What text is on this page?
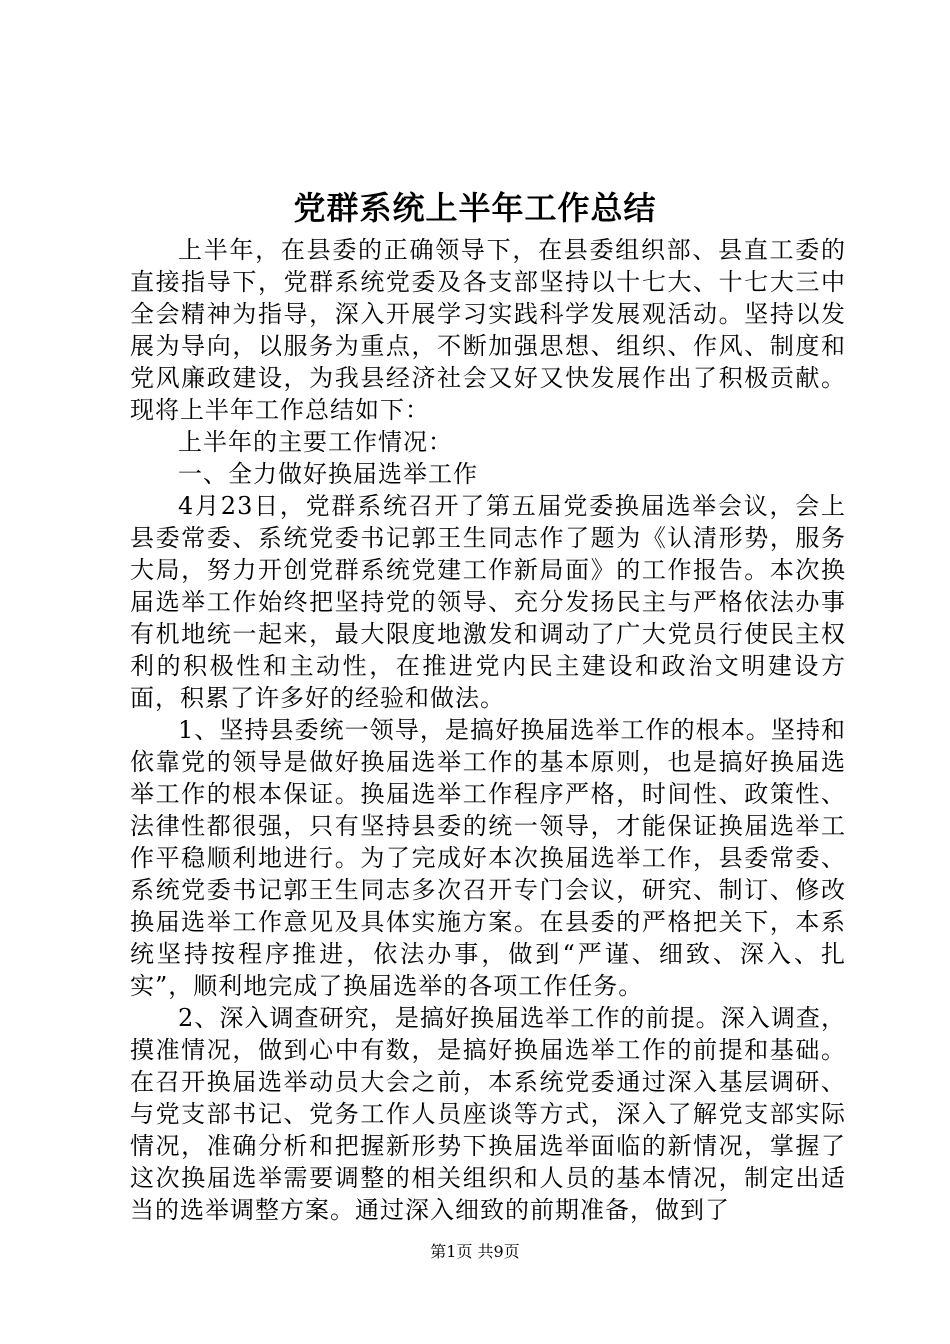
党群系统上半年工作总结

上半年，在县委的正确领导下，在县委组织部、县直工委的直接指导下，党群系统党委及各支部坚持以十七大、十七大三中全会精神为指导，深入开展学习实践科学发展观活动。坚持以发展为导向，以服务为重点，不断加强思想、组织、作风、制度和党风廉政建设，为我县经济社会又好又快发展作出了积极贡献。现将上半年工作总结如下：

上半年的主要工作情况：

一、全力做好换届选举工作

4月23日，党群系统召开了第五届党委换届选举会议，会上县委常委、系统党委书记郭王生同志作了题为《认清形势，服务大局，努力开创党群系统党建工作新局面》的工作报告。本次换届选举工作始终把坚持党的领导、充分发扬民主与严格依法办事有机地统一起来，最大限度地激发和调动了广大党员行使民主权利的积极性和主动性，在推进党内民主建设和政治文明建设方面，积累了许多好的经验和做法。

1、坚持县委统一领导，是搞好换届选举工作的根本。坚持和依靠党的领导是做好换届选举工作的基本原则，也是搞好换届选举工作的根本保证。换届选举工作程序严格，时间性、政策性、法律性都很强，只有坚持县委的统一领导，才能保证换届选举工作平稳顺利地进行。为了完成好本次换届选举工作，县委常委、系统党委书记郭王生同志多次召开专门会议，研究、制订、修改换届选举工作意见及具体实施方案。在县委的严格把关下，本系统坚持按程序推进，依法办事，做到“严谨、细致、深入、扎实”，顺利地完成了换届选举的各项工作任务。

2、深入调查研究，是搞好换届选举工作的前提。深入调查，摸准情况，做到心中有数，是搞好换届选举工作的前提和基础。在召开换届选举动员大会之前，本系统党委通过深入基层调研、与党支部书记、党务工作人员座谈等方式，深入了解党支部实际情况，准确分析和把握新形势下换届选举面临的新情况，掌握了这次换届选举需要调整的相关组织和人员的基本情况，制定出适当的选举调整方案。通过深入细致的前期准备，做到了

第1页 共9页
